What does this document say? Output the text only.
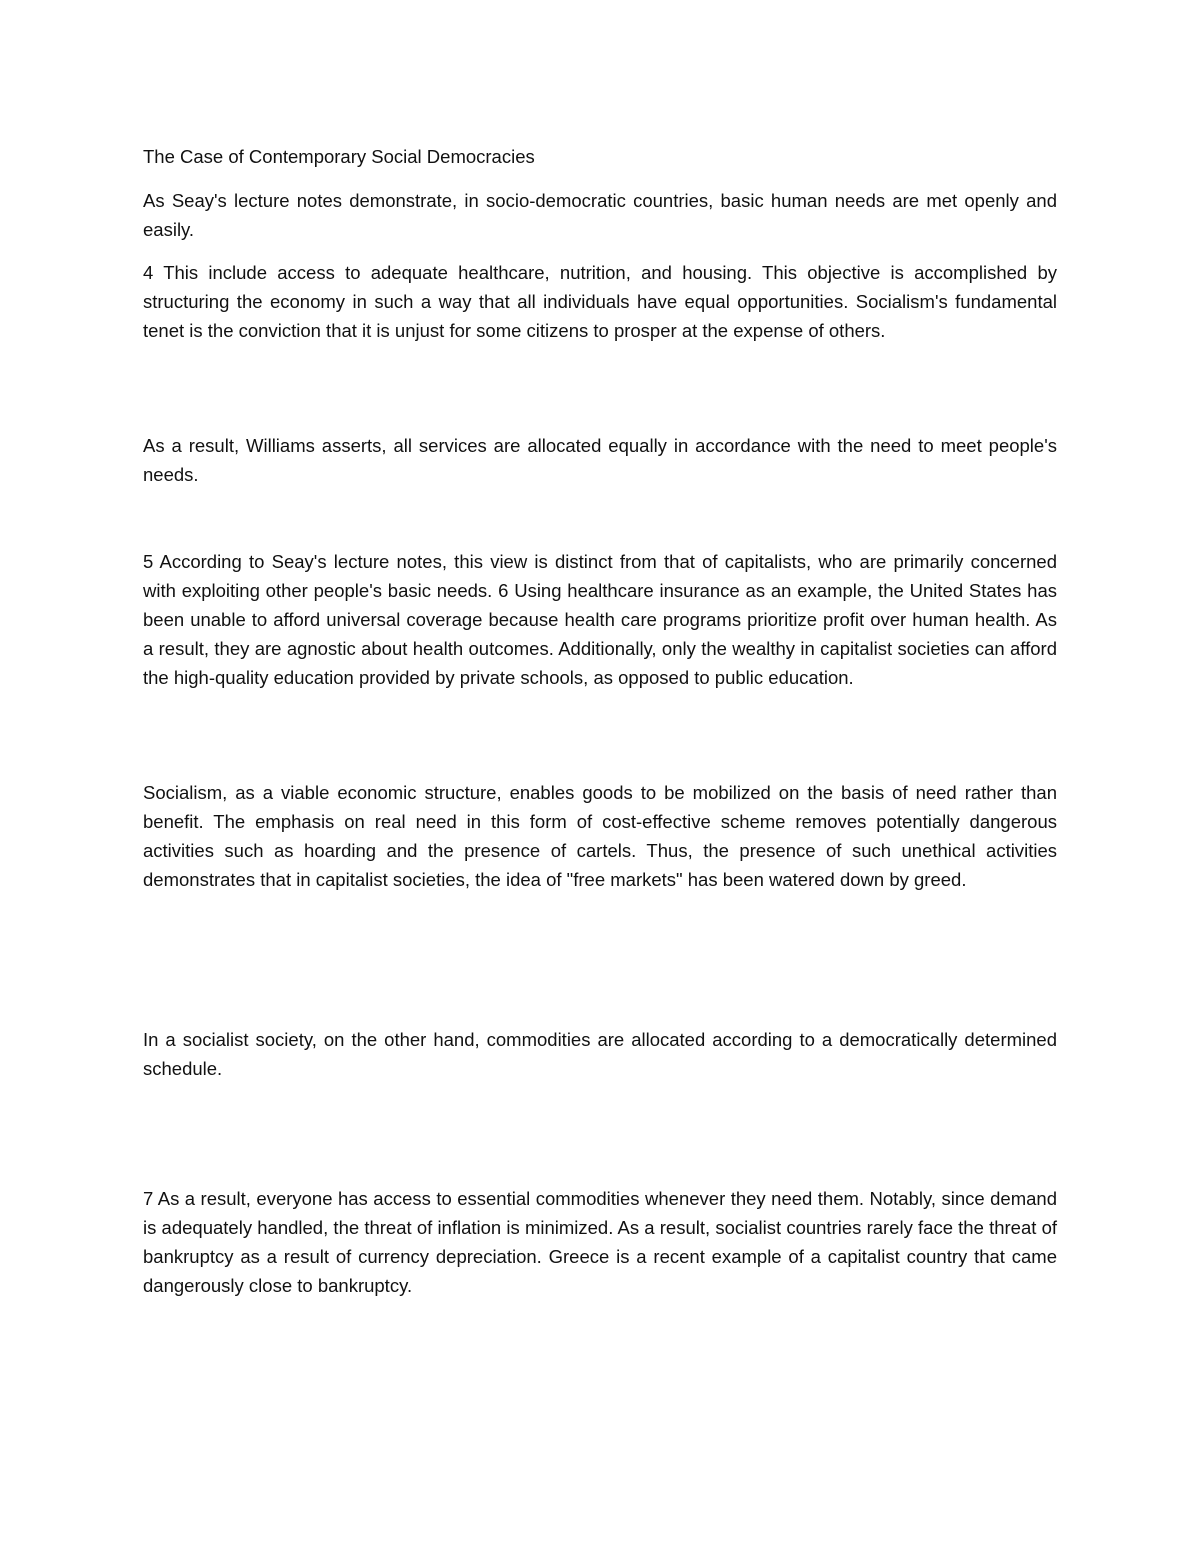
The Case of Contemporary Social Democracies

As Seay's lecture notes demonstrate, in socio-democratic countries, basic human needs are met openly and easily.

4 This include access to adequate healthcare, nutrition, and housing. This objective is accomplished by structuring the economy in such a way that all individuals have equal opportunities. Socialism's fundamental tenet is the conviction that it is unjust for some citizens to prosper at the expense of others.

As a result, Williams asserts, all services are allocated equally in accordance with the need to meet people's needs.

5 According to Seay's lecture notes, this view is distinct from that of capitalists, who are primarily concerned with exploiting other people's basic needs. 6 Using healthcare insurance as an example, the United States has been unable to afford universal coverage because health care programs prioritize profit over human health. As a result, they are agnostic about health outcomes. Additionally, only the wealthy in capitalist societies can afford the high-quality education provided by private schools, as opposed to public education.

Socialism, as a viable economic structure, enables goods to be mobilized on the basis of need rather than benefit. The emphasis on real need in this form of cost-effective scheme removes potentially dangerous activities such as hoarding and the presence of cartels. Thus, the presence of such unethical activities demonstrates that in capitalist societies, the idea of "free markets" has been watered down by greed.

In a socialist society, on the other hand, commodities are allocated according to a democratically determined schedule.

7 As a result, everyone has access to essential commodities whenever they need them. Notably, since demand is adequately handled, the threat of inflation is minimized. As a result, socialist countries rarely face the threat of bankruptcy as a result of currency depreciation. Greece is a recent example of a capitalist country that came dangerously close to bankruptcy.
